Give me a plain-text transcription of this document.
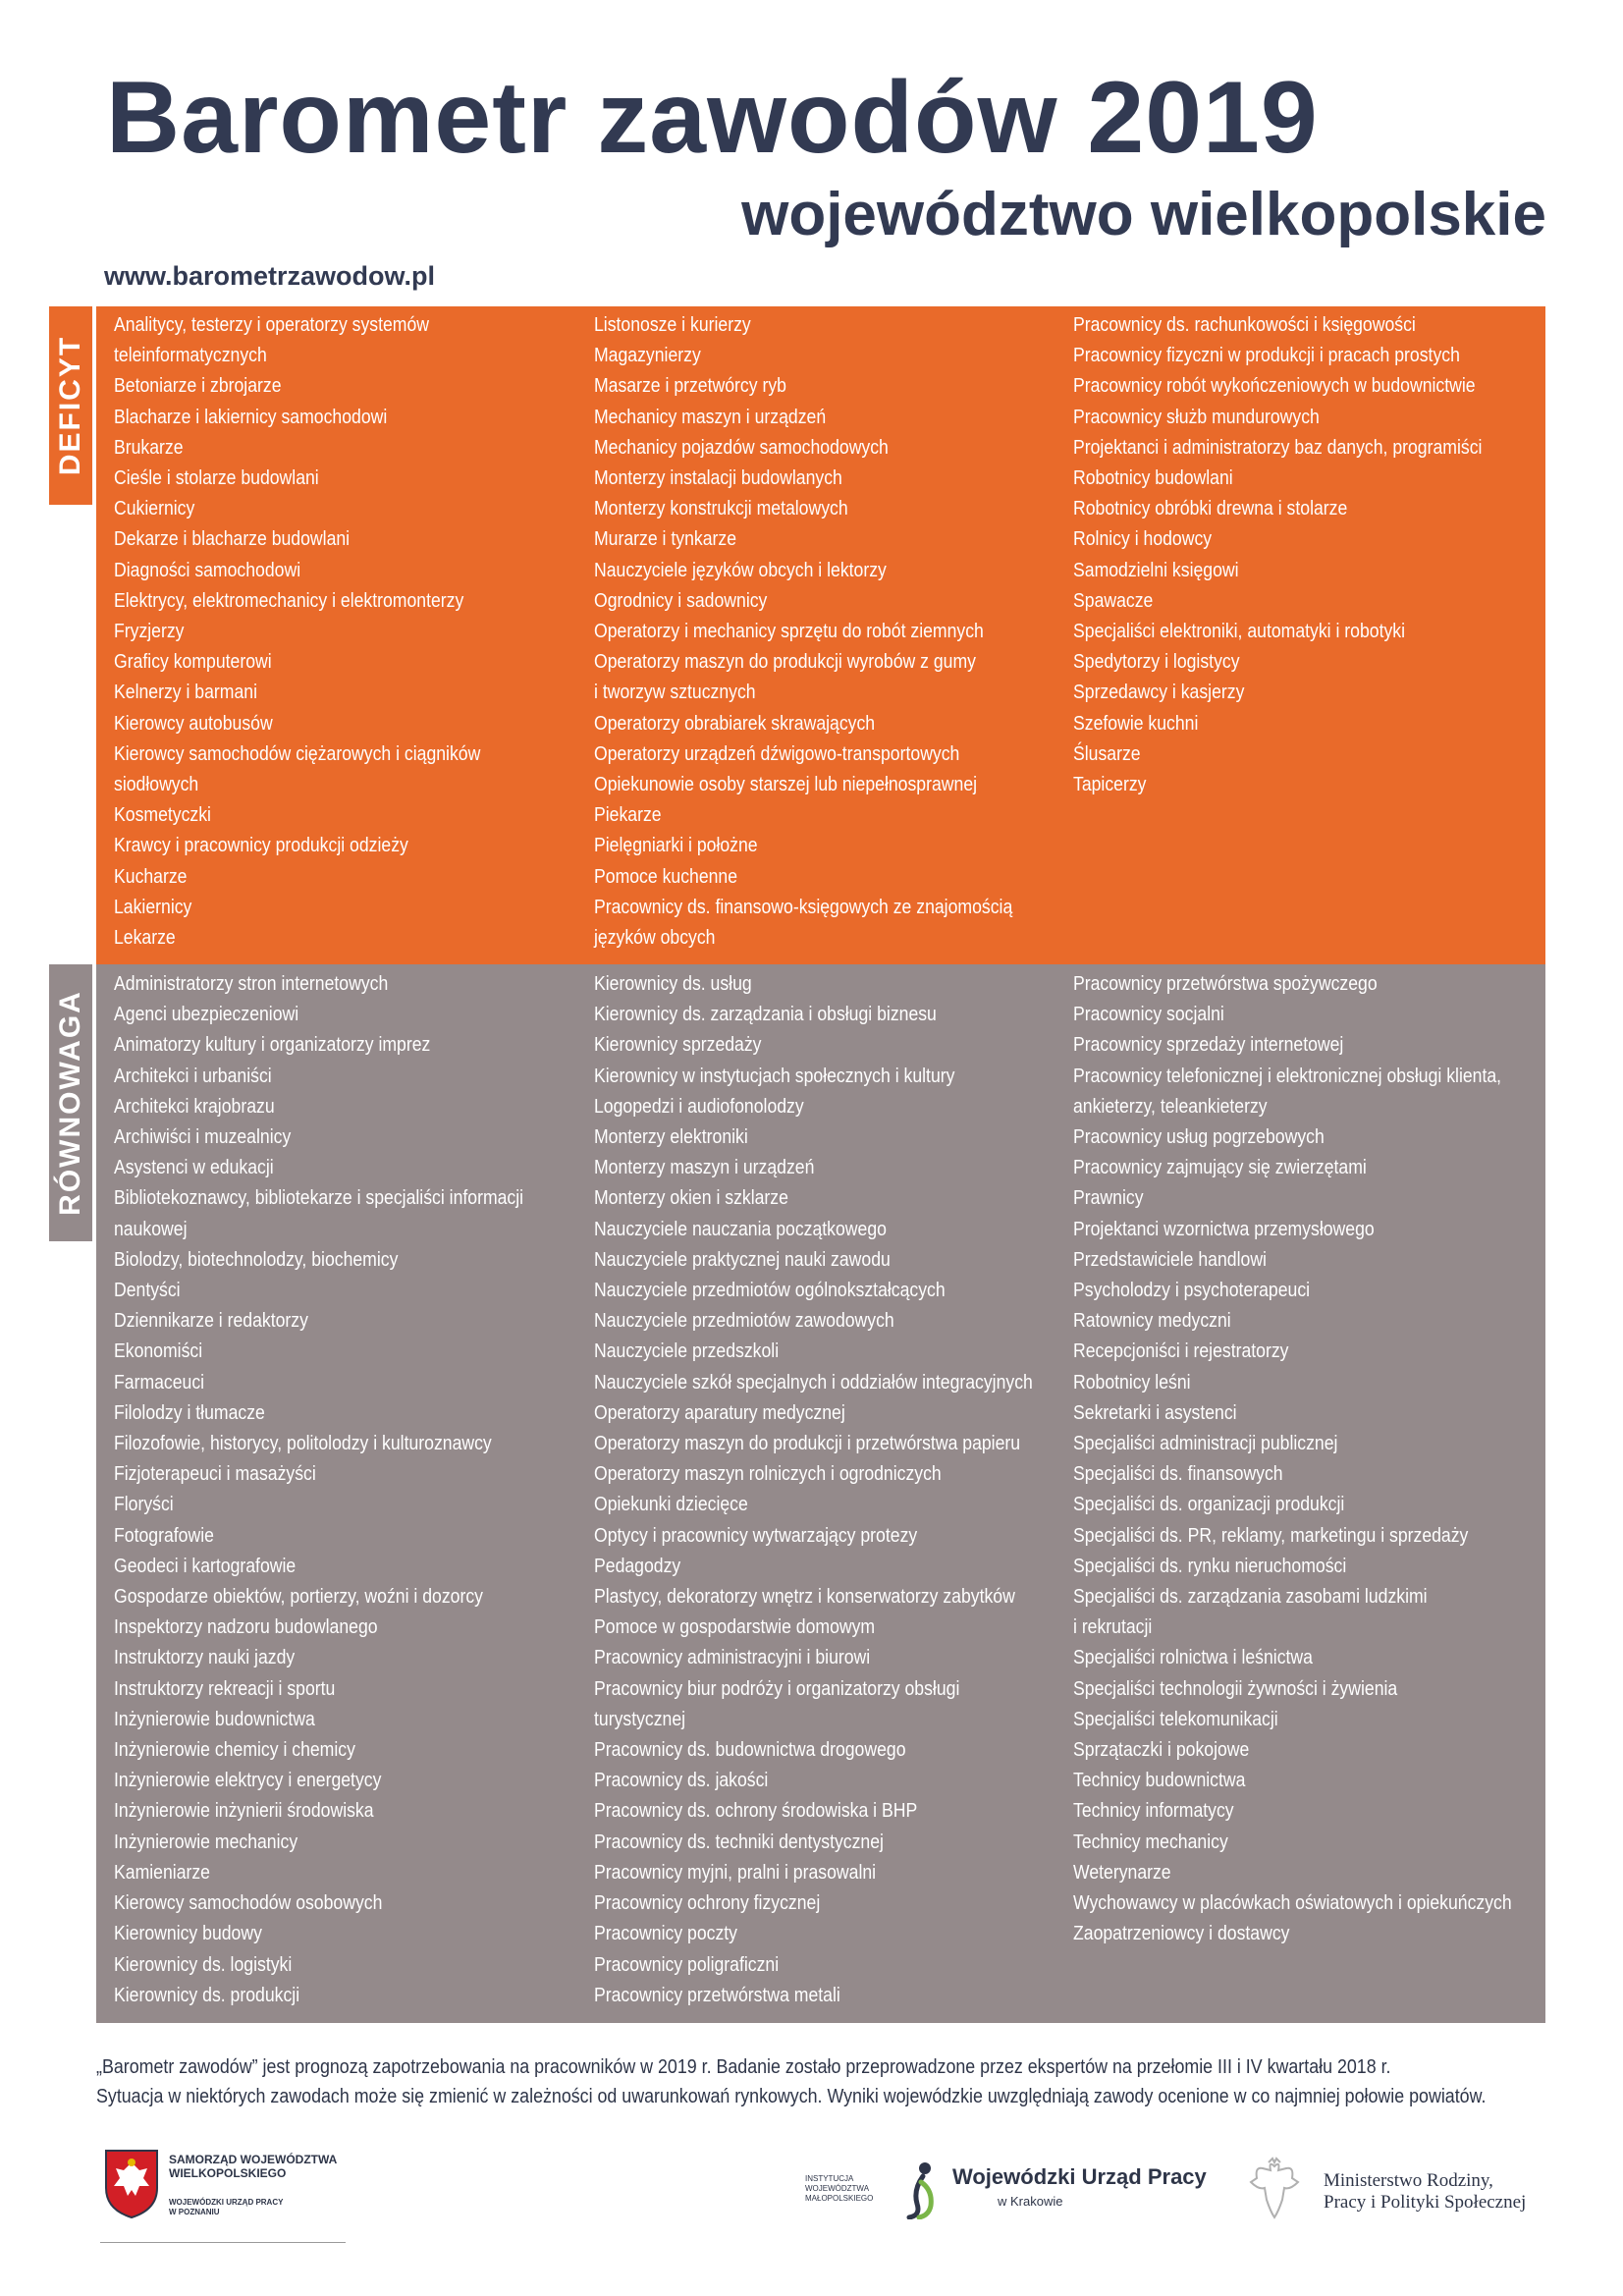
Barometr zawodów 2019
województwo wielkopolskie
www.barometrzawodow.pl
DEFICYT
RÓWNOWAGA
Analitycy, testerzy i operatorzy systemów
teleinformatycznych
Betoniarze i zbrojarze
Blacharze i lakiernicy samochodowi
Brukarze
Cieśle i stolarze budowlani
Cukiernicy
Dekarze i blacharze budowlani
Diagności samochodowi
Elektrycy, elektromechanicy i elektromonterzy
Fryzjerzy
Graficy komputerowi
Kelnerzy i barmani
Kierowcy autobusów
Kierowcy samochodów ciężarowych i ciągników
siodłowych
Kosmetyczki
Krawcy i pracownicy produkcji odzieży
Kucharze
Lakiernicy
Lekarze
Listonosze i kurierzy
Magazynierzy
Masarze i przetwórcy ryb
Mechanicy maszyn i urządzeń
Mechanicy pojazdów samochodowych
Monterzy instalacji budowlanych
Monterzy konstrukcji metalowych
Murarze i tynkarze
Nauczyciele języków obcych i lektorzy
Ogrodnicy i sadownicy
Operatorzy i mechanicy sprzętu do robót ziemnych
Operatorzy maszyn do produkcji wyrobów z gumy
i tworzyw sztucznych
Operatorzy obrabiarek skrawających
Operatorzy urządzeń dźwigowo-transportowych
Opiekunowie osoby starszej lub niepełnosprawnej
Piekarze
Pielęgniarki i położne
Pomoce kuchenne
Pracownicy ds. finansowo-księgowych ze znajomością
języków obcych
Pracownicy ds. rachunkowości i księgowości
Pracownicy fizyczni w produkcji i pracach prostych
Pracownicy robót wykończeniowych w budownictwie
Pracownicy służb mundurowych
Projektanci i administratorzy baz danych, programiści
Robotnicy budowlani
Robotnicy obróbki drewna i stolarze
Rolnicy i hodowcy
Samodzielni księgowi
Spawacze
Specjaliści elektroniki, automatyki i robotyki
Spedytorzy i logistycy
Sprzedawcy i kasjerzy
Szefowie kuchni
Ślusarze
Tapicerzy
Administratorzy stron internetowych
Agenci ubezpieczeniowi
Animatorzy kultury i organizatorzy imprez
Architekci i urbaniści
Architekci krajobrazu
Archiwiści i muzealnicy
Asystenci w edukacji
Bibliotekoznawcy, bibliotekarze i specjaliści informacji
naukowej
Biolodzy, biotechnolodzy, biochemicy
Dentyści
Dziennikarze i redaktorzy
Ekonomiści
Farmaceuci
Filolodzy i tłumacze
Filozofowie, historycy, politolodzy i kulturoznawcy
Fizjoterapeuci i masażyści
Floryści
Fotografowie
Geodeci i kartografowie
Gospodarze obiektów, portierzy, woźni i dozorcy
Inspektorzy nadzoru budowlanego
Instruktorzy nauki jazdy
Instruktorzy rekreacji i sportu
Inżynierowie budownictwa
Inżynierowie chemicy i chemicy
Inżynierowie elektrycy i energetycy
Inżynierowie inżynierii środowiska
Inżynierowie mechanicy
Kamieniarze
Kierowcy samochodów osobowych
Kierownicy budowy
Kierownicy ds. logistyki
Kierownicy ds. produkcji
Kierownicy ds. usług
Kierownicy ds. zarządzania i obsługi biznesu
Kierownicy sprzedaży
Kierownicy w instytucjach społecznych i kultury
Logopedzi i audiofonolodzy
Monterzy elektroniki
Monterzy maszyn i urządzeń
Monterzy okien i szklarze
Nauczyciele nauczania początkowego
Nauczyciele praktycznej nauki zawodu
Nauczyciele przedmiotów ogólnokształcących
Nauczyciele przedmiotów zawodowych
Nauczyciele przedszkoli
Nauczyciele szkół specjalnych i oddziałów integracyjnych
Operatorzy aparatury medycznej
Operatorzy maszyn do produkcji i przetwórstwa papieru
Operatorzy maszyn rolniczych i ogrodniczych
Opiekunki dziecięce
Optycy i pracownicy wytwarzający protezy
Pedagodzy
Plastycy, dekoratorzy wnętrz i konserwatorzy zabytków
Pomoce w gospodarstwie domowym
Pracownicy administracyjni i biurowi
Pracownicy biur podróży i organizatorzy obsługi
turystycznej
Pracownicy ds. budownictwa drogowego
Pracownicy ds. jakości
Pracownicy ds. ochrony środowiska i BHP
Pracownicy ds. techniki dentystycznej
Pracownicy myjni, pralni i prasowalni
Pracownicy ochrony fizycznej
Pracownicy poczty
Pracownicy poligraficzni
Pracownicy przetwórstwa metali
Pracownicy przetwórstwa spożywczego
Pracownicy socjalni
Pracownicy sprzedaży internetowej
Pracownicy telefonicznej i elektronicznej obsługi klienta,
ankieterzy, teleankieterzy
Pracownicy usług pogrzebowych
Pracownicy zajmujący się zwierzętami
Prawnicy
Projektanci wzornictwa przemysłowego
Przedstawiciele handlowi
Psycholodzy i psychoterapeuci
Ratownicy medyczni
Recepcjoniści i rejestratorzy
Robotnicy leśni
Sekretarki i asystenci
Specjaliści administracji publicznej
Specjaliści ds. finansowych
Specjaliści ds. organizacji produkcji
Specjaliści ds. PR, reklamy, marketingu i sprzedaży
Specjaliści ds. rynku nieruchomości
Specjaliści ds. zarządzania zasobami ludzkimi
i rekrutacji
Specjaliści rolnictwa i leśnictwa
Specjaliści technologii żywności i żywienia
Specjaliści telekomunikacji
Sprzątaczki i pokojowe
Technicy budownictwa
Technicy informatycy
Technicy mechanicy
Weterynarze
Wychowawcy w placówkach oświatowych i opiekuńczych
Zaopatrzeniowcy i dostawcy
„Barometr zawodów” jest prognozą zapotrzebowania na pracowników w 2019 r. Badanie zostało przeprowadzone przez ekspertów na przełomie III i IV kwartału 2018 r.
Sytuacja w niektórych zawodach może się zmienić w zależności od uwarunkowań rynkowych. Wyniki wojewódzkie uwzględniają zawody ocenione w co najmniej połowie powiatów.
SAMORZĄD WOJEWÓDZTWA
WIELKOPOLSKIEGO
WOJEWÓDZKI URZĄD PRACY
W POZNANIU
INSTYTUCJA
WOJEWÓDZTWA
MAŁOPOLSKIEGO
Wojewódzki Urząd Pracy
w Krakowie
Ministerstwo Rodziny,
Pracy i Polityki Społecznej
